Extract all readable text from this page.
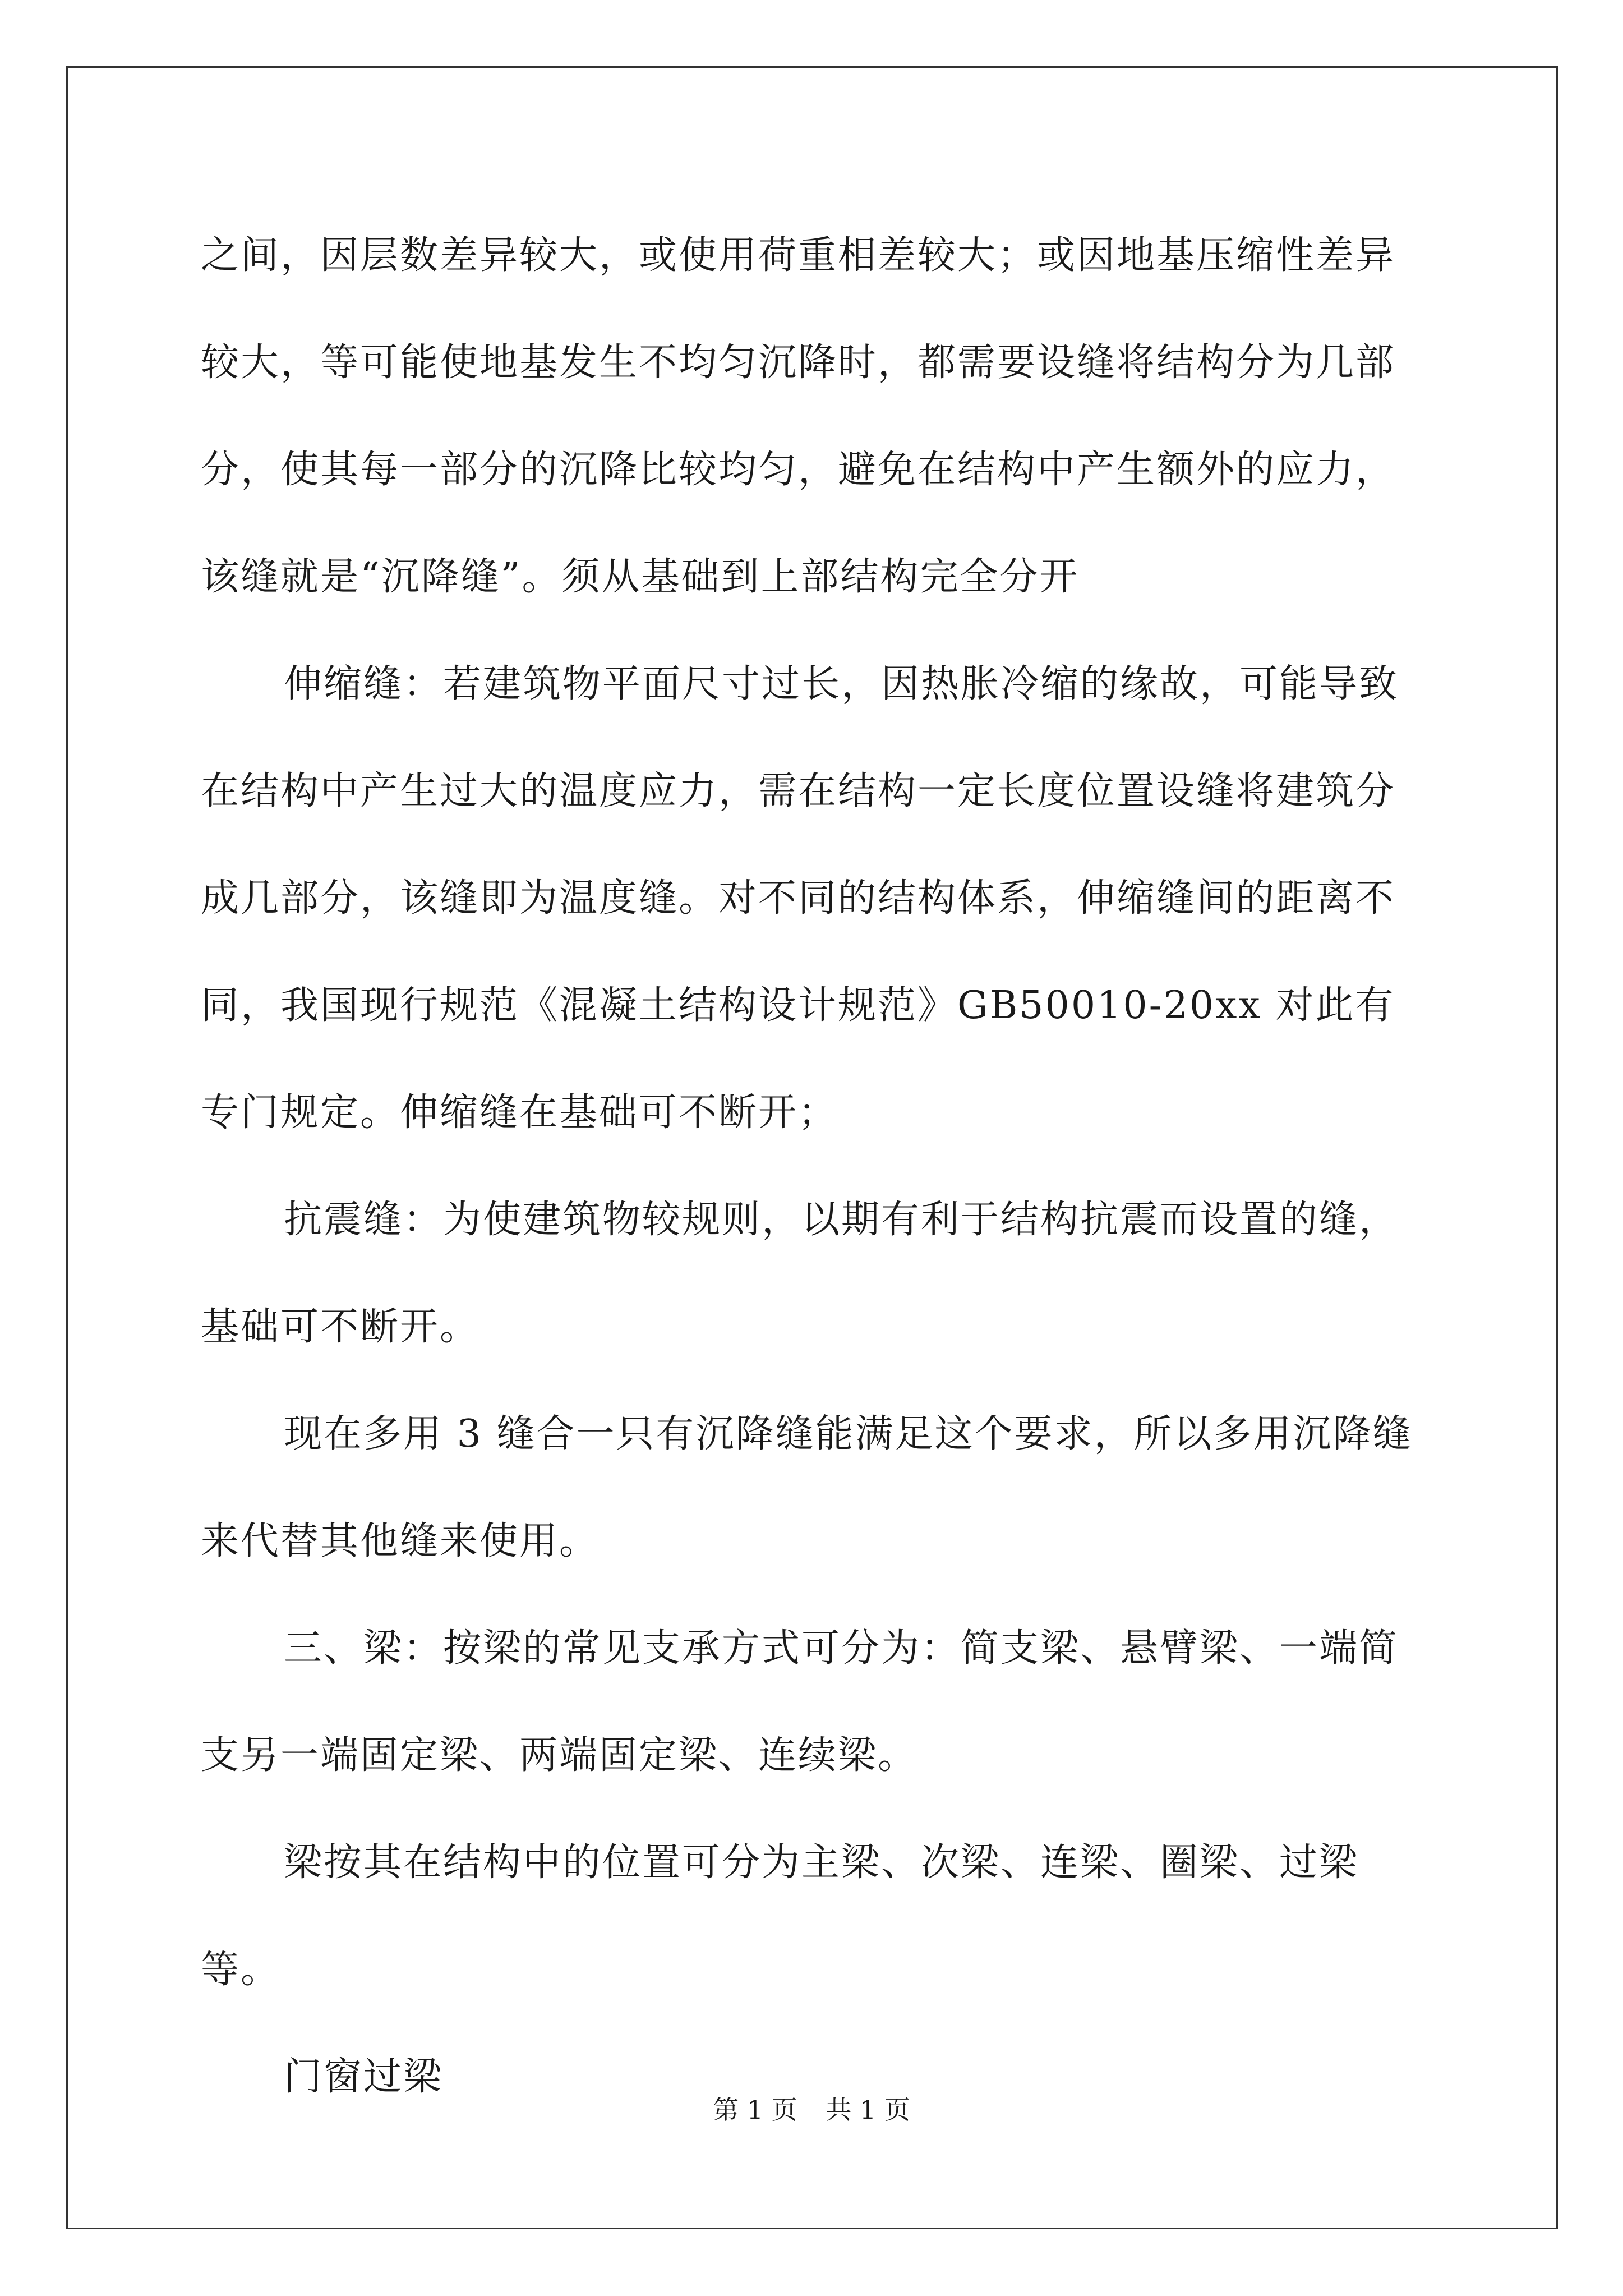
之间，因层数差异较大，或使用荷重相差较大；或因地基压缩性差异较大，等可能使地基发生不均匀沉降时，都需要设缝将结构分为几部分，使其每一部分的沉降比较均匀，避免在结构中产生额外的应力，该缝就是“沉降缝”。须从基础到上部结构完全分开

伸缩缝：若建筑物平面尺寸过长，因热胀冷缩的缘故，可能导致在结构中产生过大的温度应力，需在结构一定长度位置设缝将建筑分成几部分，该缝即为温度缝。对不同的结构体系，伸缩缝间的距离不同，我国现行规范《混凝土结构设计规范》GB50010-20xx 对此有专门规定。伸缩缝在基础可不断开；

抗震缝：为使建筑物较规则，以期有利于结构抗震而设置的缝，基础可不断开。

现在多用 3 缝合一只有沉降缝能满足这个要求，所以多用沉降缝来代替其他缝来使用。

三、梁：按梁的常见支承方式可分为：简支梁、悬臂梁、一端简支另一端固定梁、两端固定梁、连续梁。

梁按其在结构中的位置可分为主梁、次梁、连梁、圈梁、过梁等。

门窗过梁

第 1 页 共 1 页
